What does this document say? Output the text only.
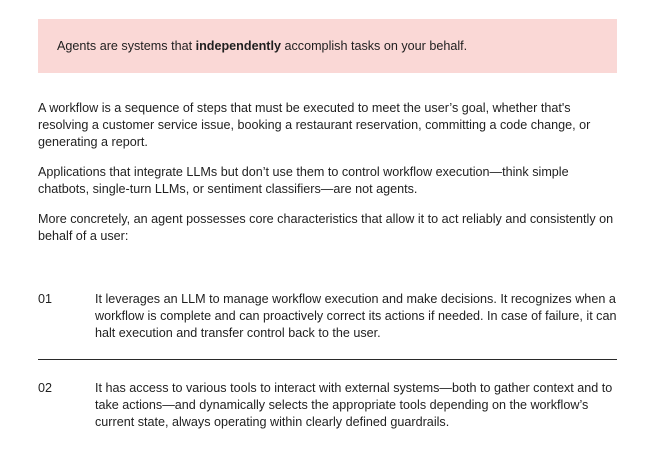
Agents are systems that independently accomplish tasks on your behalf.

A workflow is a sequence of steps that must be executed to meet the user’s goal, whether that's resolving a customer service issue, booking a restaurant reservation, committing a code change, or generating a report.

Applications that integrate LLMs but don’t use them to control workflow execution—think simple chatbots, single-turn LLMs, or sentiment classifiers—are not agents.

More concretely, an agent possesses core characteristics that allow it to act reliably and consistently on behalf of a user:

01	It leverages an LLM to manage workflow execution and make decisions. It recognizes when a workflow is complete and can proactively correct its actions if needed. In case of failure, it can halt execution and transfer control back to the user.

02	It has access to various tools to interact with external systems—both to gather context and to take actions—and dynamically selects the appropriate tools depending on the workflow’s current state, always operating within clearly defined guardrails.
